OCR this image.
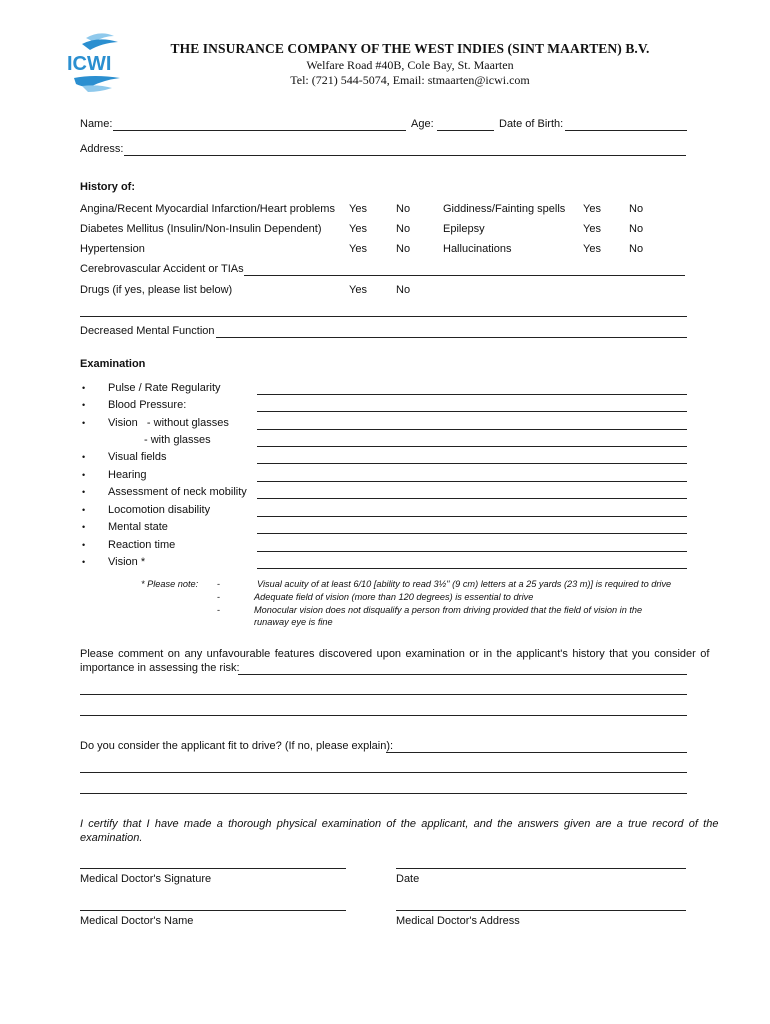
ICWI
THE INSURANCE COMPANY OF THE WEST INDIES (SINT MAARTEN) B.V.
Welfare Road #40B, Cole Bay, St. Maarten
Tel: (721) 544-5074, Email: stmaarten@icwi.com
Name:	Age:	Date of Birth:
Address:
History of:
Angina/Recent Myocardial Infarction/Heart problems Yes	No	Giddiness/Fainting spells Yes	No
Diabetes Mellitus (Insulin/Non-Insulin Dependent) Yes	No	Epilepsy	Yes	No
Hypertension	Yes	No	Hallucinations	Yes	No
Cerebrovascular Accident or TIAs
Drugs (if yes, please list below)	Yes	No
Decreased Mental Function
Examination
• Pulse / Rate Regularity
• Blood Pressure:
• Vision   - without glasses
- with glasses
• Visual fields
• Hearing
• Assessment of neck mobility
• Locomotion disability
• Mental state
• Reaction time
• Vision *
* Please note: -	Visual acuity of at least 6/10 [ability to read 3½" (9 cm) letters at a 25 yards (23 m)] is required to drive
-	Adequate field of vision (more than 120 degrees) is essential to drive
-	Monocular vision does not disqualify a person from driving provided that the field of vision in the
runaway eye is fine
Please comment on any unfavourable features discovered upon examination or in the applicant's history that you consider of
importance in assessing the risk:
Do you consider the applicant fit to drive? (If no, please explain):
I certify that I have made a thorough physical examination of the applicant, and the answers given are a true record of the
examination.
Medical Doctor's Signature	Date
Medical Doctor's Name	Medical Doctor's Address
